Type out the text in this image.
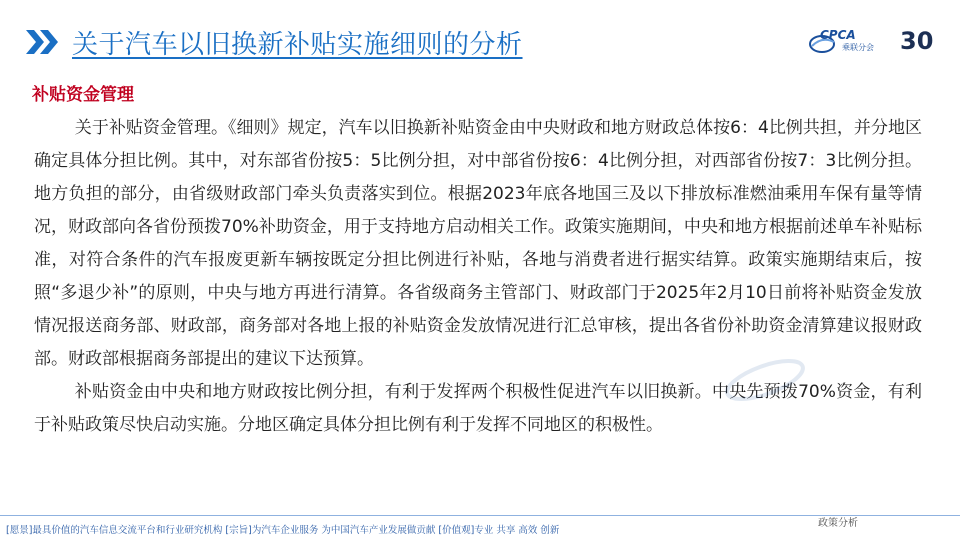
关于汽车以旧换新补贴实施细则的分析	CPCA
乘联分会 30
补贴资金管理

关于补贴资金管理。《细则》规定，汽车以旧换新补贴资金由中央财政和地方财政总体按6：4比例共担，并分地区确定具体分担比例。其中，对东部省份按5：5比例分担，对中部省份按6：4比例分担，对西部省份按7：3比例分担。地方负担的部分，由省级财政部门牵头负责落实到位。根据2023年底各地国三及以下排放标准燃油乘用车保有量等情况，财政部向各省份预拨70%补助资金，用于支持地方启动相关工作。政策实施期间，中央和地方根据前述单车补贴标准，对符合条件的汽车报废更新车辆按既定分担比例进行补贴，各地与消费者进行据实结算。政策实施期结束后，按照“多退少补”的原则，中央与地方再进行清算。各省级商务主管部门、财政部门于2025年2月10日前将补贴资金发放情况报送商务部、财政部，商务部对各地上报的补贴资金发放情况进行汇总审核，提出各省份补助资金清算建议报财政部。财政部根据商务部提出的建议下达预算。

补贴资金由中央和地方财政按比例分担，有利于发挥两个积极性促进汽车以旧换新。中央先预拨70%资金，有利于补贴政策尽快启动实施。分地区确定具体分担比例有利于发挥不同地区的积极性。

[愿景]最具价值的汽车信息交流平台和行业研究机构 [宗旨]为汽车企业服务 为中国汽车产业发展做贡献 [价值观]专业 共享 高效 创新
政策分析
